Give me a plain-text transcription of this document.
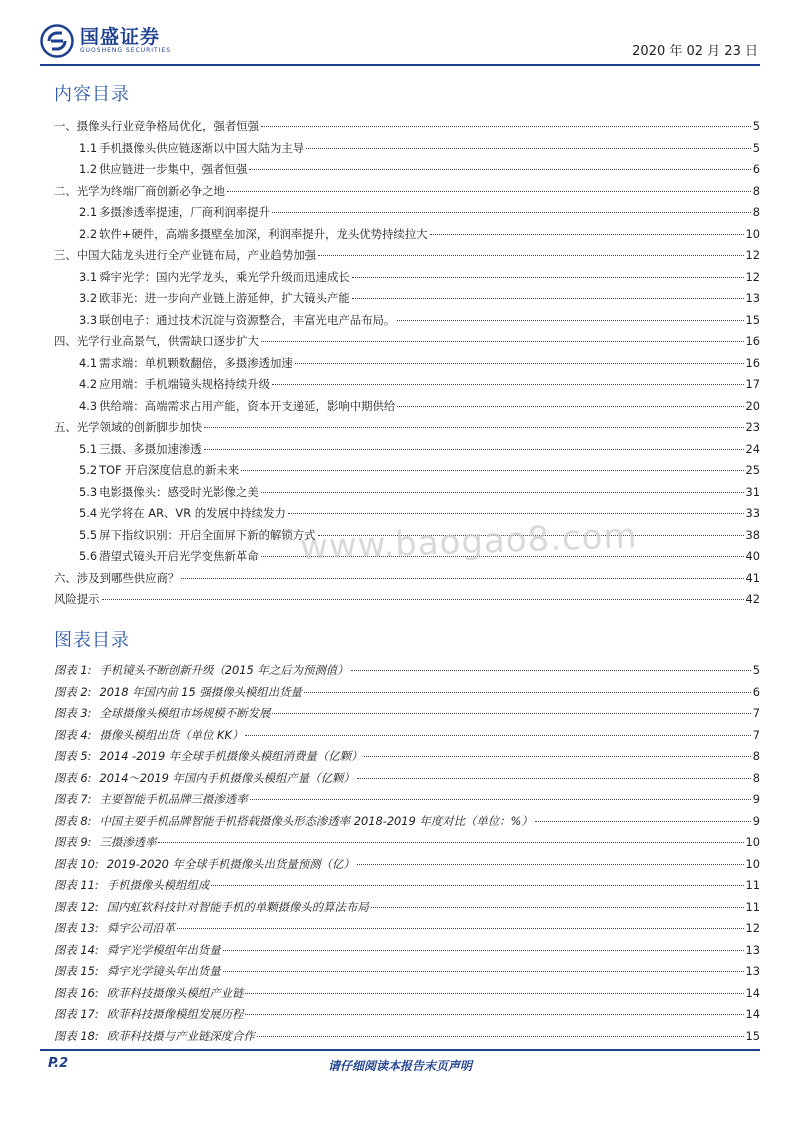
国盛证券
GUOSHENG SECURITIES	2020 年 02 月 23 日
内容目录
一、摄像头行业竞争格局优化，强者恒强	5
1.1 手机摄像头供应链逐渐以中国大陆为主导	5
1.2 供应链进一步集中，强者恒强	6
二、光学为终端厂商创新必争之地	8
2.1 多摄渗透率提速，厂商利润率提升	8
2.2 软件+硬件，高端多摄壁垒加深，利润率提升，龙头优势持续拉大	10
三、中国大陆龙头进行全产业链布局，产业趋势加强	12
3.1 舜宇光学：国内光学龙头，乘光学升级而迅速成长	12
3.2 欧菲光：进一步向产业链上游延伸，扩大镜头产能	13
3.3 联创电子：通过技术沉淀与资源整合，丰富光电产品布局。	15
四、光学行业高景气，供需缺口逐步扩大	16
4.1 需求端：单机颗数翻倍，多摄渗透加速	16
4.2 应用端：手机端镜头规格持续升级	17
4.3 供给端：高端需求占用产能，资本开支递延，影响中期供给	20
五、光学领域的创新脚步加快	23
5.1 三摄、多摄加速渗透	24
5.2 TOF 开启深度信息的新未来	25
5.3 电影摄像头：感受时光影像之美	31
5.4 光学将在 AR、VR 的发展中持续发力	33
5.5 屏下指纹识别：开启全面屏下新的解锁方式	38
5.6 潜望式镜头开启光学变焦新革命	40
六、涉及到哪些供应商？	41
风险提示	42
www.baogao8.com
图表目录
图表 1: 手机镜头不断创新升级（2015 年之后为预测值）	5
图表 2: 2018 年国内前 15 强摄像头模组出货量	6
图表 3: 全球摄像头模组市场规模不断发展	7
图表 4: 摄像头模组出货（单位 KK）	7
图表 5: 2014 -2019 年全球手机摄像头模组消费量（亿颗）	8
图表 6: 2014～2019 年国内手机摄像头模组产量（亿颗）	8
图表 7: 主要智能手机品牌三摄渗透率	9
图表 8: 中国主要手机品牌智能手机搭载摄像头形态渗透率 2018-2019 年度对比（单位：%）	9
图表 9: 三摄渗透率	10
图表 10: 2019-2020 年全球手机摄像头出货量预测（亿）	10
图表 11: 手机摄像头模组组成	11
图表 12: 国内虹软科技针对智能手机的单颗摄像头的算法布局	11
图表 13: 舜宇公司沿革	12
图表 14: 舜宇光学模组年出货量	13
图表 15: 舜宇光学镜头年出货量	13
图表 16: 欧菲科技摄像头模组产业链	14
图表 17: 欧菲科技摄像模组发展历程	14
图表 18: 欧菲科技摄与产业链深度合作	15
P.2	请仔细阅读本报告末页声明
